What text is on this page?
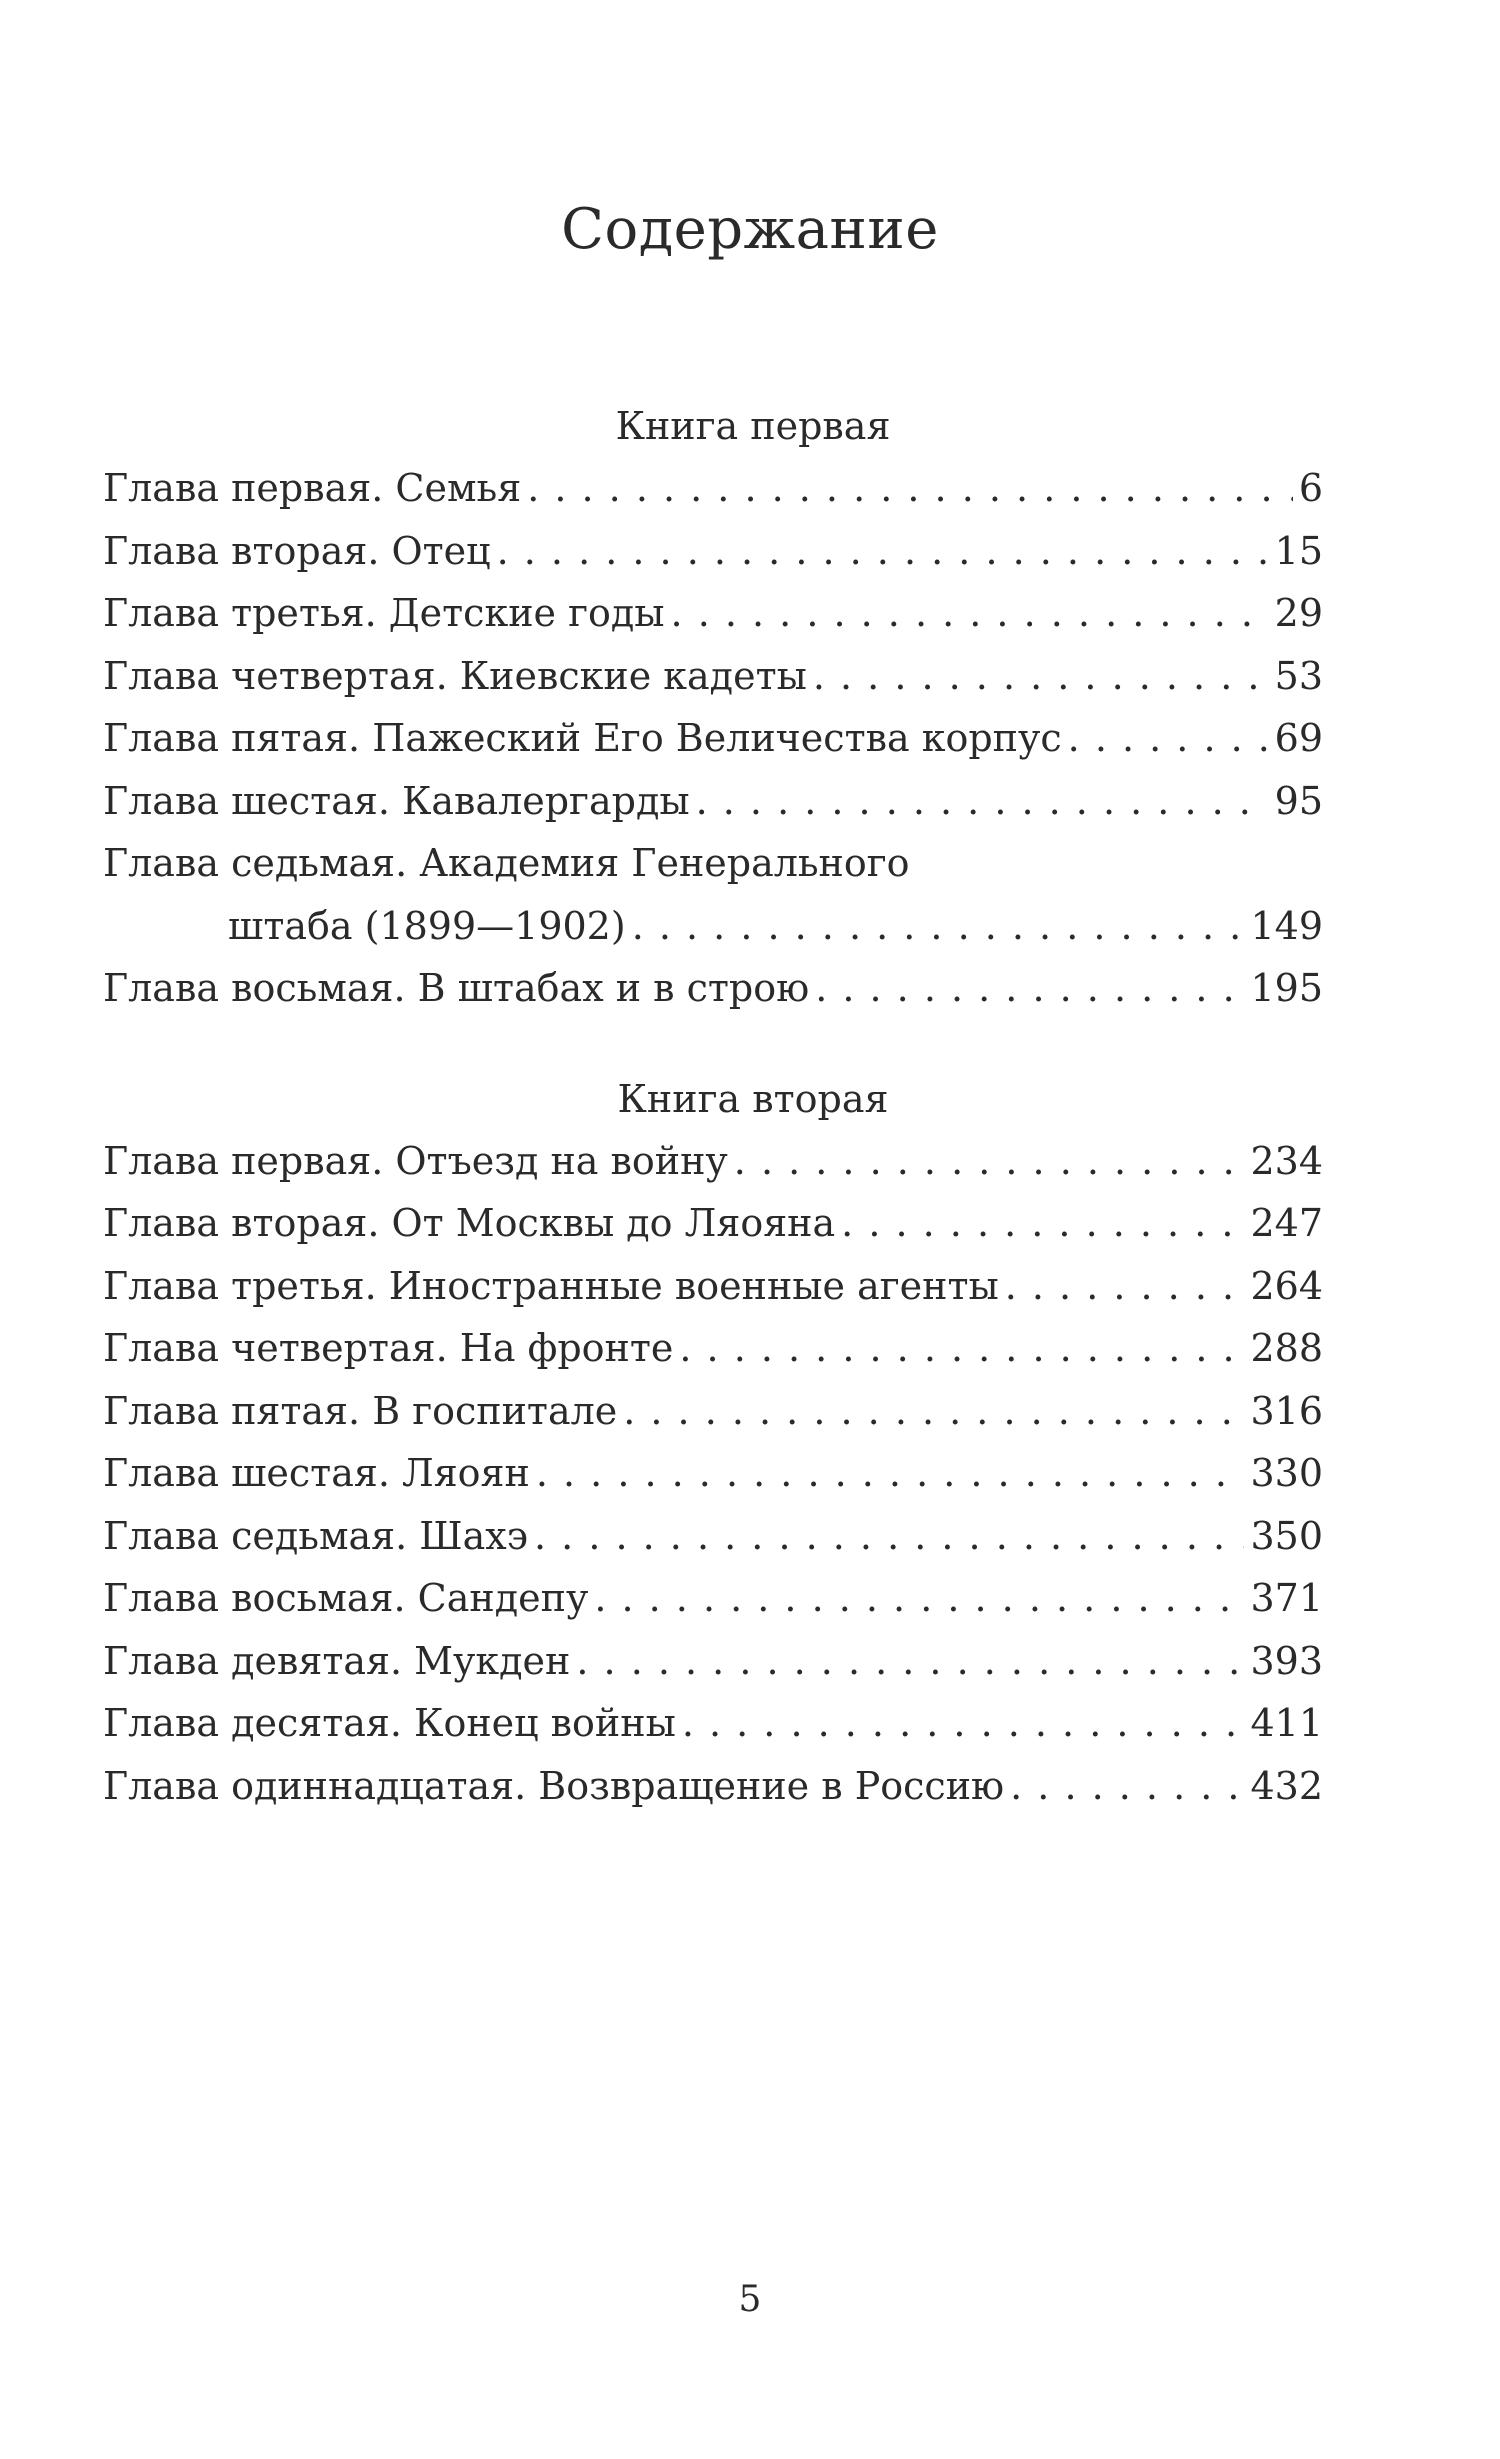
Содержание
Книга первая
Глава первая. Семья . . .	6
Глава вторая. Отец . . .	15
Глава третья. Детские годы . . .	29
Глава четвертая. Киевские кадеты . . .	53
Глава пятая. Пажеский Его Величества корпус . . .	69
Глава шестая. Кавалергарды . . .	95
Глава седьмая. Академия Генерального
штаба (1899—1902) . . .	149
Глава восьмая. В штабах и в строю . . .	195
Книга вторая
Глава первая. Отъезд на войну . . .	234
Глава вторая. От Москвы до Ляояна . . .	247
Глава третья. Иностранные военные агенты . . .	264
Глава четвертая. На фронте . . .	288
Глава пятая. В госпитале . . .	316
Глава шестая. Ляоян . . .	330
Глава седьмая. Шахэ . . .	350
Глава восьмая. Сандепу . . .	371
Глава девятая. Мукден . . .	393
Глава десятая. Конец войны . . .	411
Глава одиннадцатая. Возвращение в Россию . . .	432
5
